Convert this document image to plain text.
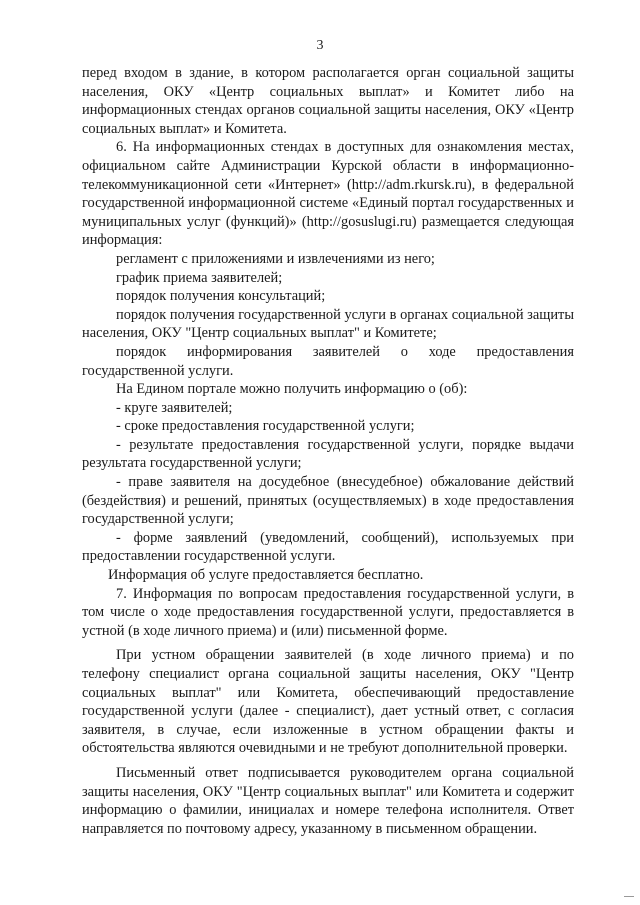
3

перед входом в здание, в котором располагается орган социальной защиты населения, ОКУ «Центр социальных выплат» и Комитет либо на информационных стендах органов социальной защиты населения, ОКУ «Центр социальных выплат» и Комитета.

6. На информационных стендах в доступных для ознакомления местах, официальном сайте Администрации Курской области в информационно-телекоммуникационной сети «Интернет» (http://adm.rkursk.ru), в федеральной государственной информационной системе «Единый портал государственных и муниципальных услуг (функций)» (http://gosuslugi.ru) размещается следующая информация:

регламент с приложениями и извлечениями из него;

график приема заявителей;

порядок получения консультаций;

порядок получения государственной услуги в органах социальной защиты населения, ОКУ "Центр социальных выплат" и Комитете;

порядок информирования заявителей о ходе предоставления государственной услуги.

На Едином портале можно получить информацию о (об):

- круге заявителей;

- сроке предоставления государственной услуги;

- результате предоставления государственной услуги, порядке выдачи результата государственной услуги;

- праве заявителя на досудебное (внесудебное) обжалование действий (бездействия) и решений, принятых (осуществляемых) в ходе предоставления государственной услуги;

- форме заявлений (уведомлений, сообщений), используемых при предоставлении государственной услуги.

Информация об услуге предоставляется бесплатно.

7. Информация по вопросам предоставления государственной услуги, в том числе о ходе предоставления государственной услуги, предоставляется в устной (в ходе личного приема) и (или) письменной форме.

При устном обращении заявителей (в ходе личного приема) и по телефону специалист органа социальной защиты населения, ОКУ "Центр социальных выплат" или Комитета, обеспечивающий предоставление государственной услуги (далее - специалист), дает устный ответ, с согласия заявителя, в случае, если изложенные в устном обращении факты и обстоятельства являются очевидными и не требуют дополнительной проверки.

Письменный ответ подписывается руководителем органа социальной защиты населения, ОКУ "Центр социальных выплат" или Комитета и содержит информацию о фамилии, инициалах и номере телефона исполнителя. Ответ направляется по почтовому адресу, указанному в письменном обращении.
